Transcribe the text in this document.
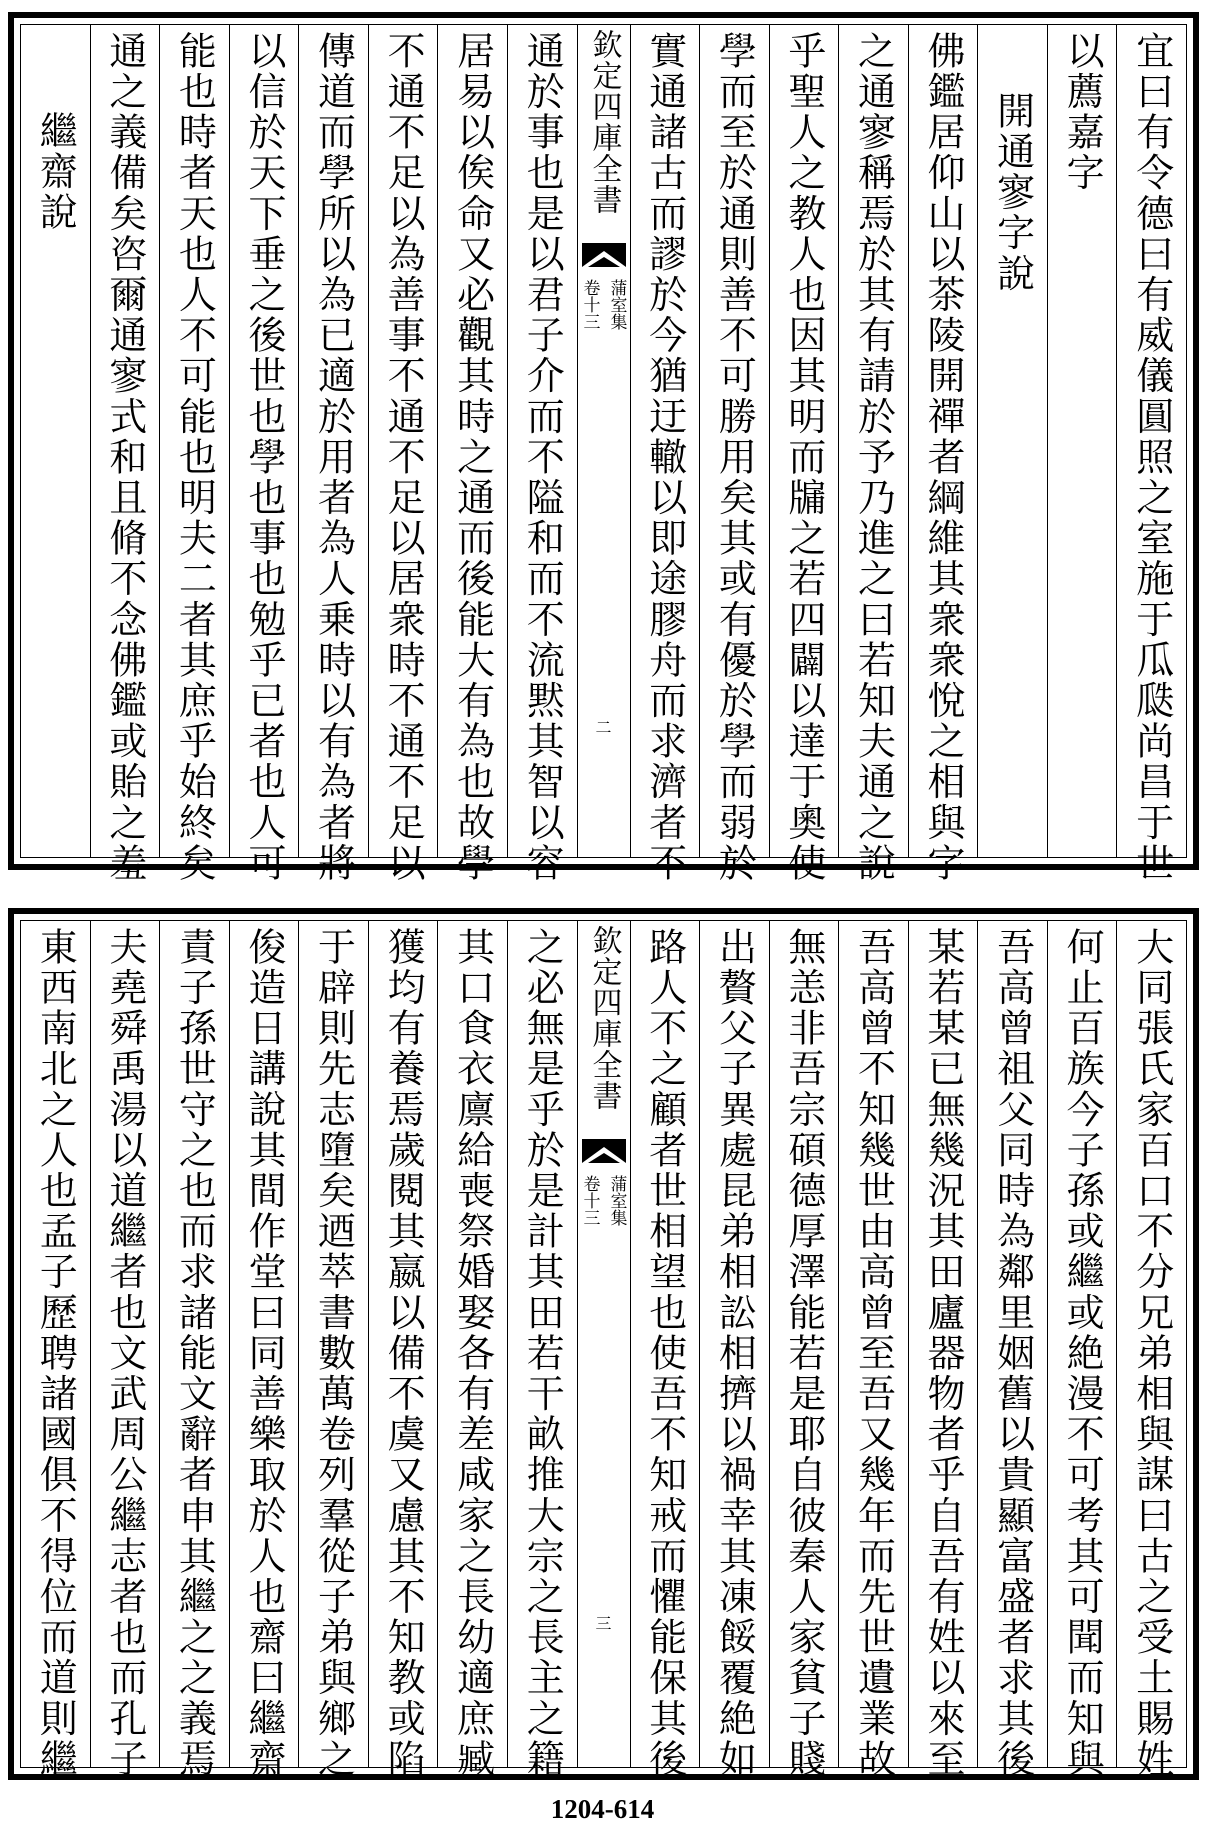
宜曰有令德曰有威儀圓照之室施于瓜瓞尚昌于世
以薦嘉字
開通寥字說
佛鑑居仰山以茶陵開禪者綱維其衆衆悅之相與字
之通寥稱焉於其有請於予乃進之曰若知夫通之說
乎聖人之教人也因其明而牖之若四闢以達于奧使
學而至於通則善不可勝用矣其或有優於學而弱於
實通諸古而謬於今猶迂轍以即途膠舟而求濟者不
欽定四庫全書
蒲室集
卷十三
二
通於事也是以君子介而不隘和而不流黙其智以容
居易以俟命又必觀其時之通而後能大有為也故學
不通不足以為善事不通不足以居衆時不通不足以
傳道而學所以為已適於用者為人乗時以有為者將
以信於天下垂之後世也學也事也勉乎已者也人可
能也時者天也人不可能也明夫二者其庶乎始終矣
通之義備矣咨爾通寥式和且脩不念佛鑑或貽之羞
繼齋說
大同張氏家百口不分兄弟相與謀曰古之受土賜姓
何止百族今子孫或繼或絶漫不可考其可聞而知與
吾高曾祖父同時為鄰里姻舊以貴顯富盛者求其後
某若某已無幾況其田廬器物者乎自吾有姓以來至
吾高曾不知幾世由高曾至吾又幾年而先世遺業故
無恙非吾宗碩德厚澤能若是耶自彼秦人家貧子賤
出贅父子異處昆弟相訟相擠以禍幸其凍餒覆絶如
路人不之顧者世相望也使吾不知戒而懼能保其後
欽定四庫全書
蒲室集
卷十三
三
之必無是乎於是計其田若干畝推大宗之長主之籍
其口食衣廪給喪祭婚娶各有差咸家之長幼適庶臧
獲均有養焉歲閱其嬴以備不虞又慮其不知教或陷
于辟則先志墮矣迺萃書數萬卷列羣從子弟與鄉之
俊造日講說其間作堂曰同善樂取於人也齋曰繼齋
責子孫世守之也而求諸能文辭者申其繼之之義焉
夫堯舜禹湯以道繼者也文武周公繼志者也而孔子
東西南北之人也孟子歷聘諸國俱不得位而道則繼
1204-614
